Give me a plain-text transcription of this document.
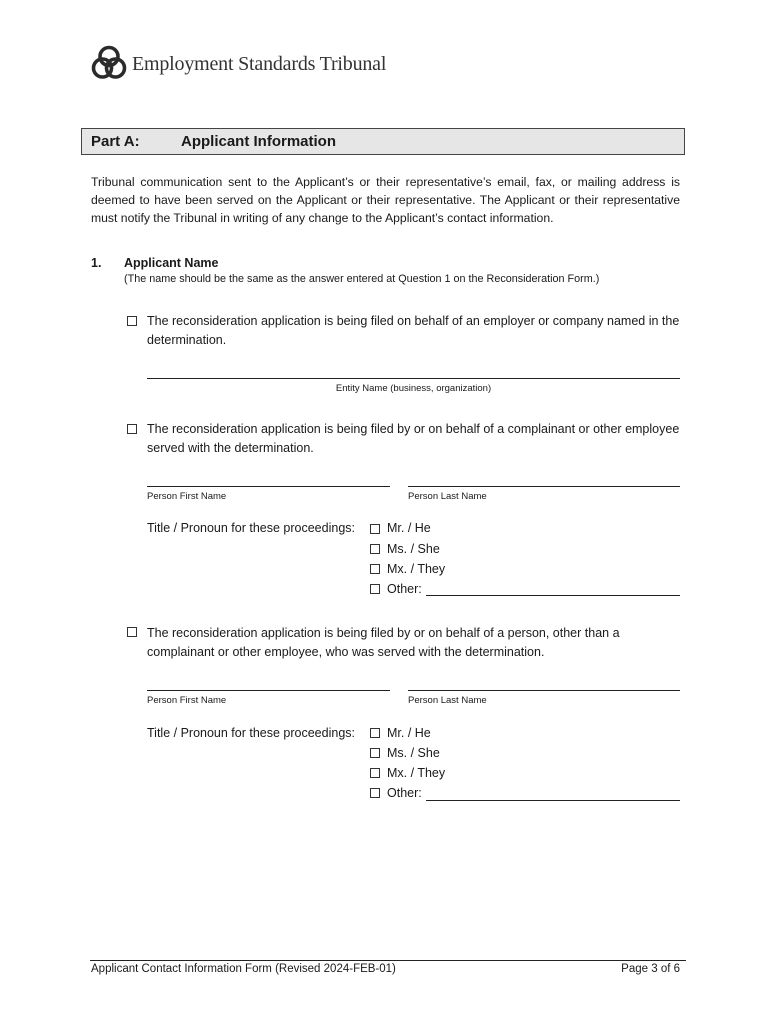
Employment Standards Tribunal
Part A:	Applicant Information
Tribunal communication sent to the Applicant’s or their representative’s email, fax, or mailing address is deemed to have been served on the Applicant or their representative. The Applicant or their representative must notify the Tribunal in writing of any change to the Applicant’s contact information.
1. Applicant Name
(The name should be the same as the answer entered at Question 1 on the Reconsideration Form.)
The reconsideration application is being filed on behalf of an employer or company named in the determination.
Entity Name (business, organization)
The reconsideration application is being filed by or on behalf of a complainant or other employee served with the determination.
Person First Name	Person Last Name
Title / Pronoun for these proceedings:	Mr. / He
Ms. / She
Mx. / They
Other:
The reconsideration application is being filed by or on behalf of a person, other than a complainant or other employee, who was served with the determination.
Person First Name	Person Last Name
Title / Pronoun for these proceedings:	Mr. / He
Ms. / She
Mx. / They
Other:
Applicant Contact Information Form (Revised 2024-FEB-01)	Page 3 of 6
